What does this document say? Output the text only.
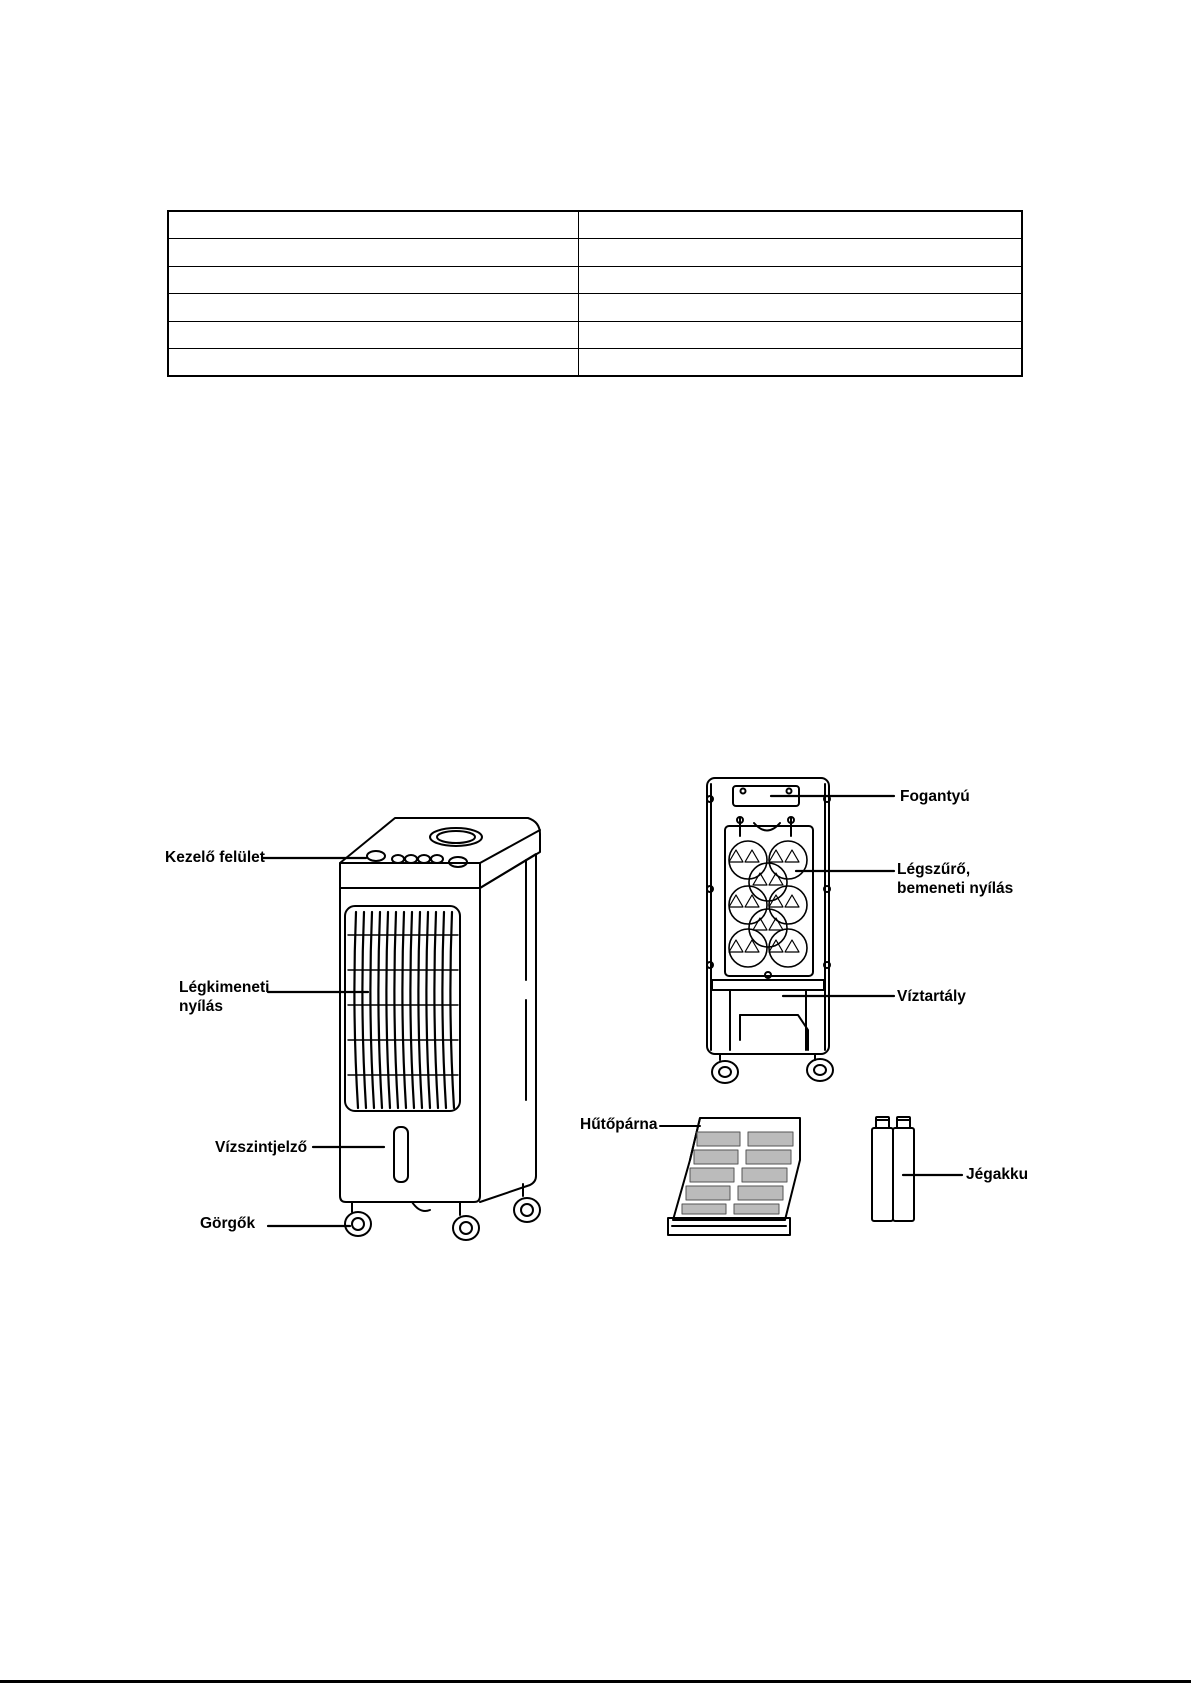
Kezelő felület
Légkimeneti
nyílás
Vízszintjelző
Görgők
Fogantyú
Légszűrő,
bemeneti nyílás
Víztartály
Hűtőpárna
Jégakku
